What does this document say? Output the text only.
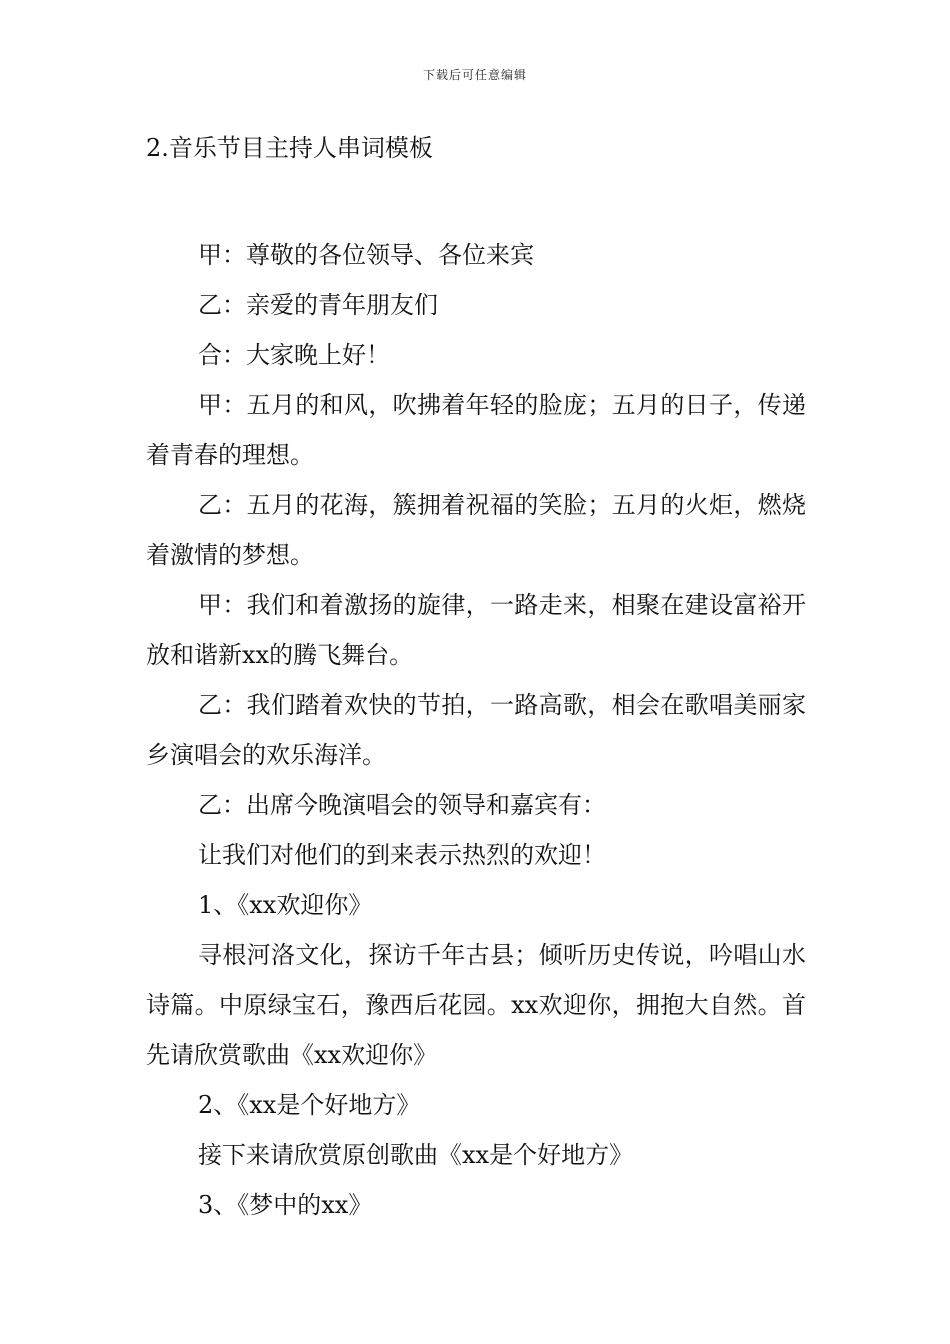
下载后可任意编辑
2.音乐节目主持人串词模板

甲：尊敬的各位领导、各位来宾

乙：亲爱的青年朋友们

合：大家晚上好！

甲：五月的和风，吹拂着年轻的脸庞；五月的日子，传递着青春的理想。

乙：五月的花海，簇拥着祝福的笑脸；五月的火炬，燃烧着激情的梦想。

甲：我们和着激扬的旋律，一路走来，相聚在建设富裕开放和谐新xx的腾飞舞台。

乙：我们踏着欢快的节拍，一路高歌，相会在歌唱美丽家乡演唱会的欢乐海洋。

乙：出席今晚演唱会的领导和嘉宾有：

让我们对他们的到来表示热烈的欢迎！

1、《xx欢迎你》

寻根河洛文化，探访千年古县；倾听历史传说，吟唱山水诗篇。中原绿宝石，豫西后花园。xx欢迎你，拥抱大自然。首先请欣赏歌曲《xx欢迎你》

2、《xx是个好地方》

接下来请欣赏原创歌曲《xx是个好地方》

3、《梦中的xx》
